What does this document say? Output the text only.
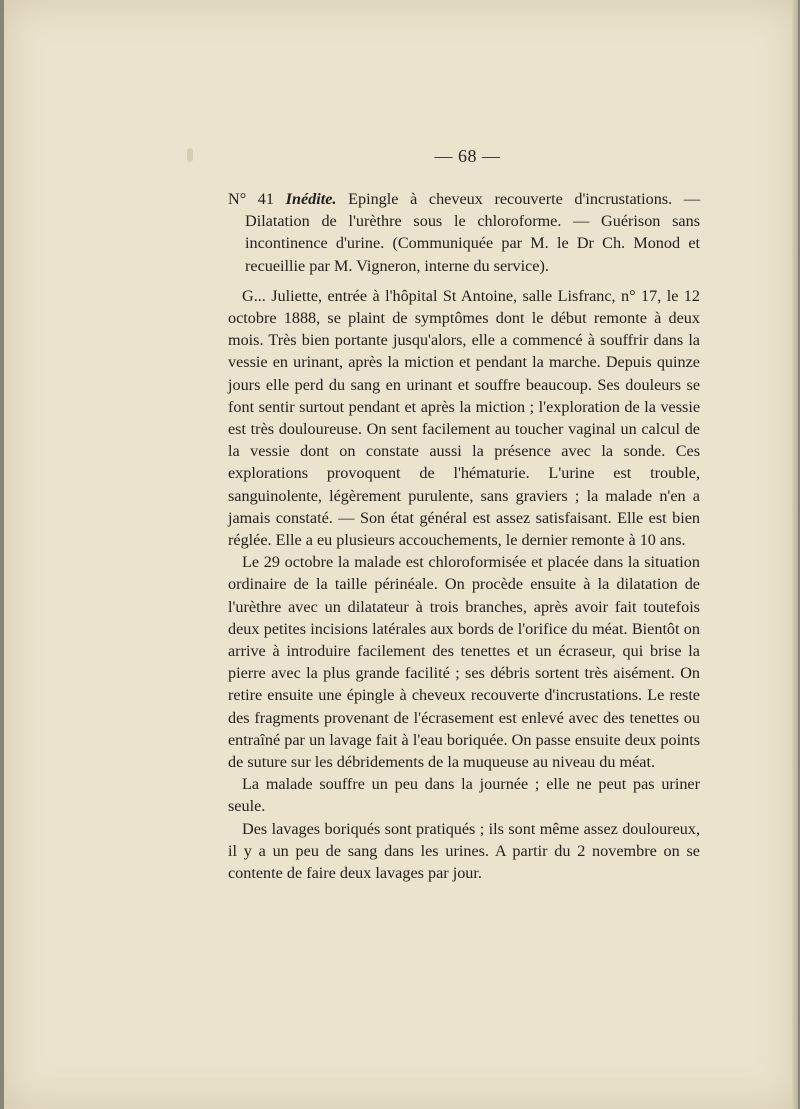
— 68 —

N° 41 Inédite. Epingle à cheveux recouverte d'incrustations. — Dilatation de l'urèthre sous le chloroforme. — Guérison sans incontinence d'urine. (Communiquée par M. le Dr Ch. Monod et recueillie par M. Vigneron, interne du service).

G... Juliette, entrée à l'hôpital St Antoine, salle Lisfranc, n° 17, le 12 octobre 1888, se plaint de symptômes dont le début remonte à deux mois. Très bien portante jusqu'alors, elle a commencé à souffrir dans la vessie en urinant, après la miction et pendant la marche. Depuis quinze jours elle perd du sang en urinant et souffre beaucoup. Ses douleurs se font sentir surtout pendant et après la miction ; l'exploration de la vessie est très douloureuse. On sent facilement au toucher vaginal un calcul de la vessie dont on constate aussi la présence avec la sonde. Ces explorations provoquent de l'hématurie. L'urine est trouble, sanguinolente, légèrement purulente, sans graviers ; la malade n'en a jamais constaté. — Son état général est assez satisfaisant. Elle est bien réglée. Elle a eu plusieurs accouchements, le dernier remonte à 10 ans.

Le 29 octobre la malade est chloroformisée et placée dans la situation ordinaire de la taille périnéale. On procède ensuite à la dilatation de l'urèthre avec un dilatateur à trois branches, après avoir fait toutefois deux petites incisions latérales aux bords de l'orifice du méat. Bientôt on arrive à introduire facilement des tenettes et un écraseur, qui brise la pierre avec la plus grande facilité ; ses débris sortent très aisément. On retire ensuite une épingle à cheveux recouverte d'incrustations. Le reste des fragments provenant de l'écrasement est enlevé avec des tenettes ou entraîné par un lavage fait à l'eau boriquée. On passe ensuite deux points de suture sur les débridements de la muqueuse au niveau du méat.

La malade souffre un peu dans la journée ; elle ne peut pas uriner seule.

Des lavages boriqués sont pratiqués ; ils sont même assez douloureux, il y a un peu de sang dans les urines. A partir du 2 novembre on se contente de faire deux lavages par jour.
